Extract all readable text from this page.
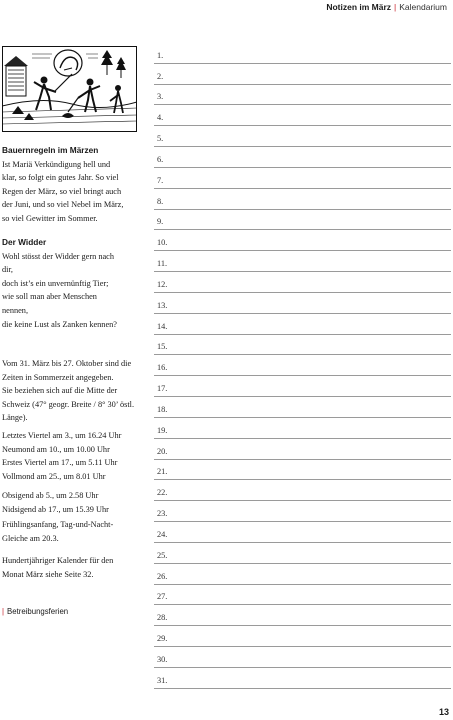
Notizen im März | Kalendarium
Bauernregeln im Märzen

Ist Mariä Verkündigung hell und

klar, so folgt ein gutes Jahr. So viel

Regen der März, so viel bringt auch

der Juni, und so viel Nebel im März,

so viel Gewitter im Sommer.

Der Widder

Wohl stösst der Widder gern nach

dir,

doch ist’s ein unvernünftig Tier;

wie soll man aber Menschen

nennen,

die keine Lust als Zanken kennen?

Vom 31. März bis 27. Oktober sind die

Zeiten in Sommerzeit angegeben.

Sie beziehen sich auf die Mitte der

Schweiz (47° geogr. Breite / 8° 30’ östl.

Länge).

Letztes Viertel am 3., um 16.24 Uhr

Neumond am 10., um 10.00 Uhr

Erstes Viertel am 17., um 5.11 Uhr

Vollmond am 25., um 8.01 Uhr

Obsigend ab 5., um 2.58 Uhr

Nidsigend ab 17., um 15.39 Uhr

Frühlingsanfang, Tag-und-Nacht-

Gleiche am 20.3.

Hundertjähriger Kalender für den

Monat März siehe Seite 32.

| Betreibungsferien
1.
2.
3.
4.
5.
6.
7.
8.
9.
10.
11.
12.
13.
14.
15.
16.
17.
18.
19.
20.
21.
22.
23.
24.
25.
26.
27.
28.
29.
30.
31.
13
